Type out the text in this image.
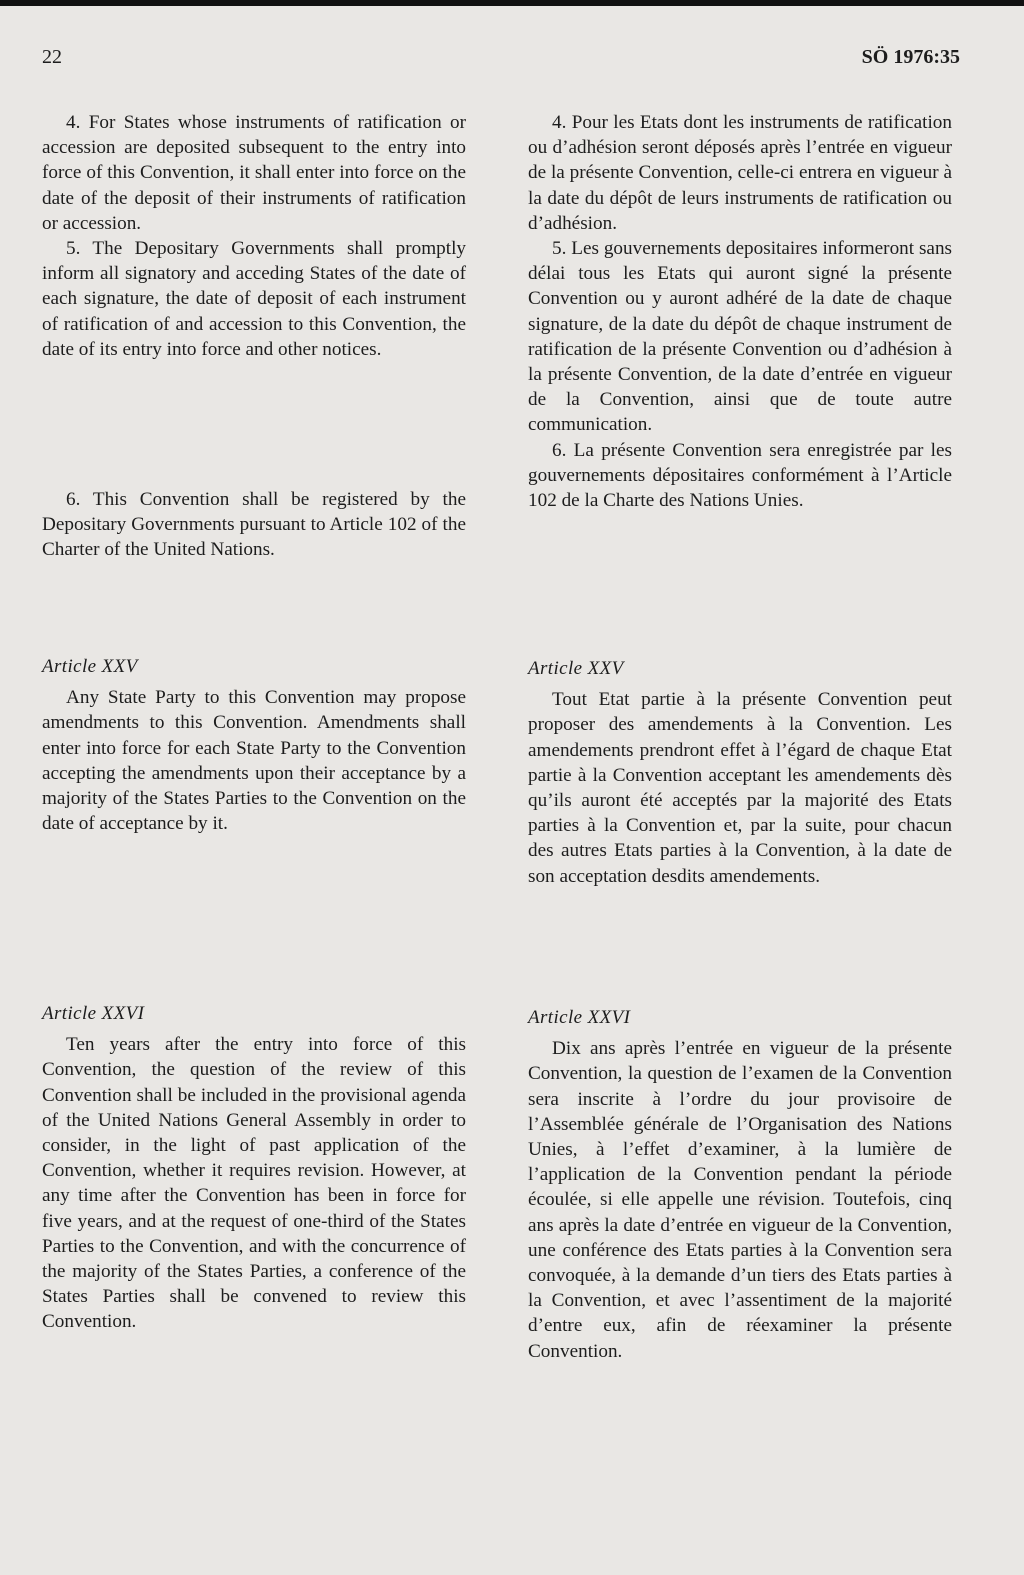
22	SÖ 1976:35

4. For States whose instruments of ratification or accession are deposited subsequent to the entry into force of this Convention, it shall enter into force on the date of the deposit of their instruments of ratification or accession.

5. The Depositary Governments shall promptly inform all signatory and acceding States of the date of each signature, the date of deposit of each instrument of ratification of and accession to this Convention, the date of its entry into force and other notices.

6. This Convention shall be registered by the Depositary Governments pursuant to Article 102 of the Charter of the United Nations.

Article XXV

Any State Party to this Convention may propose amendments to this Convention. Amendments shall enter into force for each State Party to the Convention accepting the amendments upon their acceptance by a majority of the States Parties to the Convention on the date of acceptance by it.

Article XXVI

Ten years after the entry into force of this Convention, the question of the review of this Convention shall be included in the provisional agenda of the United Nations General Assembly in order to consider, in the light of past application of the Convention, whether it requires revision. However, at any time after the Convention has been in force for five years, and at the request of one-third of the States Parties to the Convention, and with the concurrence of the majority of the States Parties, a conference of the States Parties shall be convened to review this Convention.

4. Pour les Etats dont les instruments de ratification ou d’adhésion seront déposés après l’entrée en vigueur de la présente Convention, celle-ci entrera en vigueur à la date du dépôt de leurs instruments de ratification ou d’adhésion.

5. Les gouvernements depositaires informeront sans délai tous les Etats qui auront signé la présente Convention ou y auront adhéré de la date de chaque signature, de la date du dépôt de chaque instrument de ratification de la présente Convention ou d’adhésion à la présente Convention, de la date d’entrée en vigueur de la Convention, ainsi que de toute autre communication.

6. La présente Convention sera enregistrée par les gouvernements dépositaires conformément à l’Article 102 de la Charte des Nations Unies.

Article XXV

Tout Etat partie à la présente Convention peut proposer des amendements à la Convention. Les amendements prendront effet à l’égard de chaque Etat partie à la Convention acceptant les amendements dès qu’ils auront été acceptés par la majorité des Etats parties à la Convention et, par la suite, pour chacun des autres Etats parties à la Convention, à la date de son acceptation desdits amendements.

Article XXVI

Dix ans après l’entrée en vigueur de la présente Convention, la question de l’examen de la Convention sera inscrite à l’ordre du jour provisoire de l’Assemblée générale de l’Organisation des Nations Unies, à l’effet d’examiner, à la lumière de l’application de la Convention pendant la période écoulée, si elle appelle une révision. Toutefois, cinq ans après la date d’entrée en vigueur de la Convention, une conférence des Etats parties à la Convention sera convoquée, à la demande d’un tiers des Etats parties à la Convention, et avec l’assentiment de la majorité d’entre eux, afin de réexaminer la présente Convention.
